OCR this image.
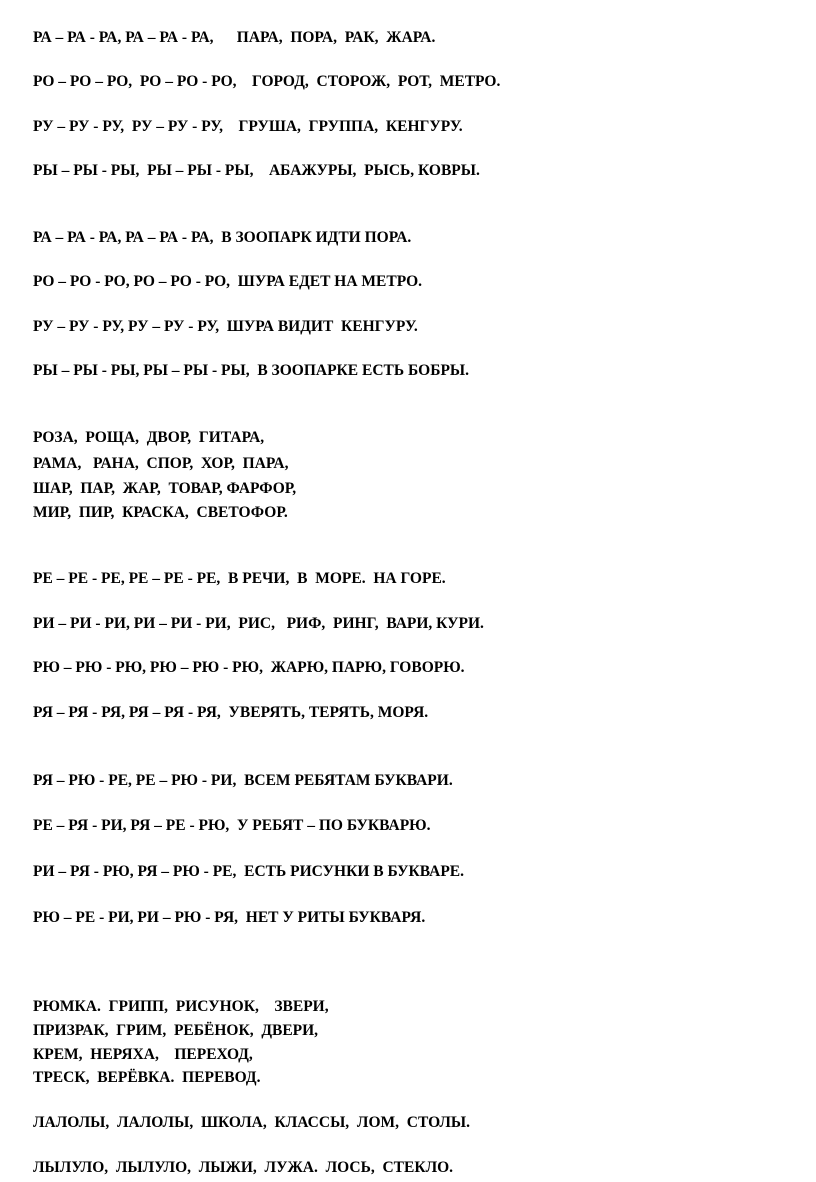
РА – РА - РА, РА – РА - РА,      ПАРА,  ПОРА,  РАК,  ЖАРА.
РО – РО – РО,  РО – РО - РО,    ГОРОД,  СТОРОЖ,  РОТ,  МЕТРО.
РУ – РУ - РУ,  РУ – РУ - РУ,    ГРУША,  ГРУППА,  КЕНГУРУ.
РЫ – РЫ - РЫ,  РЫ – РЫ - РЫ,    АБАЖУРЫ,  РЫСЬ, КОВРЫ.
РА – РА - РА, РА – РА - РА,  В ЗООПАРК ИДТИ ПОРА.
РО – РО - РО, РО – РО - РО,  ШУРА ЕДЕТ НА МЕТРО.
РУ – РУ - РУ, РУ – РУ - РУ,  ШУРА ВИДИТ  КЕНГУРУ.
РЫ – РЫ - РЫ, РЫ – РЫ - РЫ,  В ЗООПАРКЕ ЕСТЬ БОБРЫ.
РОЗА,  РОЩА,  ДВОР,  ГИТАРА,
РАМА,   РАНА,  СПОР,  ХОР,  ПАРА,
ШАР,  ПАР,  ЖАР,  ТОВАР, ФАРФОР,
МИР,  ПИР,  КРАСКА,  СВЕТОФОР.
РЕ – РЕ - РЕ, РЕ – РЕ - РЕ,  В РЕЧИ,  В  МОРЕ.  НА ГОРЕ.
РИ – РИ - РИ, РИ – РИ - РИ,  РИС,   РИФ,  РИНГ,  ВАРИ, КУРИ.
РЮ – РЮ - РЮ, РЮ – РЮ - РЮ,  ЖАРЮ, ПАРЮ, ГОВОРЮ.
РЯ – РЯ - РЯ, РЯ – РЯ - РЯ,  УВЕРЯТЬ, ТЕРЯТЬ, МОРЯ.
РЯ – РЮ - РЕ, РЕ – РЮ - РИ,  ВСЕМ РЕБЯТАМ БУКВАРИ.
РЕ – РЯ - РИ, РЯ – РЕ - РЮ,  У РЕБЯТ – ПО БУКВАРЮ.
РИ – РЯ - РЮ, РЯ – РЮ - РЕ,  ЕСТЬ РИСУНКИ В БУКВАРЕ.
РЮ – РЕ - РИ, РИ – РЮ - РЯ,  НЕТ У РИТЫ БУКВАРЯ.
РЮМКА.  ГРИПП,  РИСУНОК,    ЗВЕРИ,
ПРИЗРАК,  ГРИМ,  РЕБЁНОК,  ДВЕРИ,
КРЕМ,  НЕРЯХА,    ПЕРЕХОД,
ТРЕСК,  ВЕРЁВКА.  ПЕРЕВОД.
ЛАЛОЛЫ,  ЛАЛОЛЫ,  ШКОЛА,  КЛАССЫ,  ЛОМ,  СТОЛЫ.
ЛЫЛУЛО,  ЛЫЛУЛО,  ЛЫЖИ,  ЛУЖА.  ЛОСЬ,  СТЕКЛО.
